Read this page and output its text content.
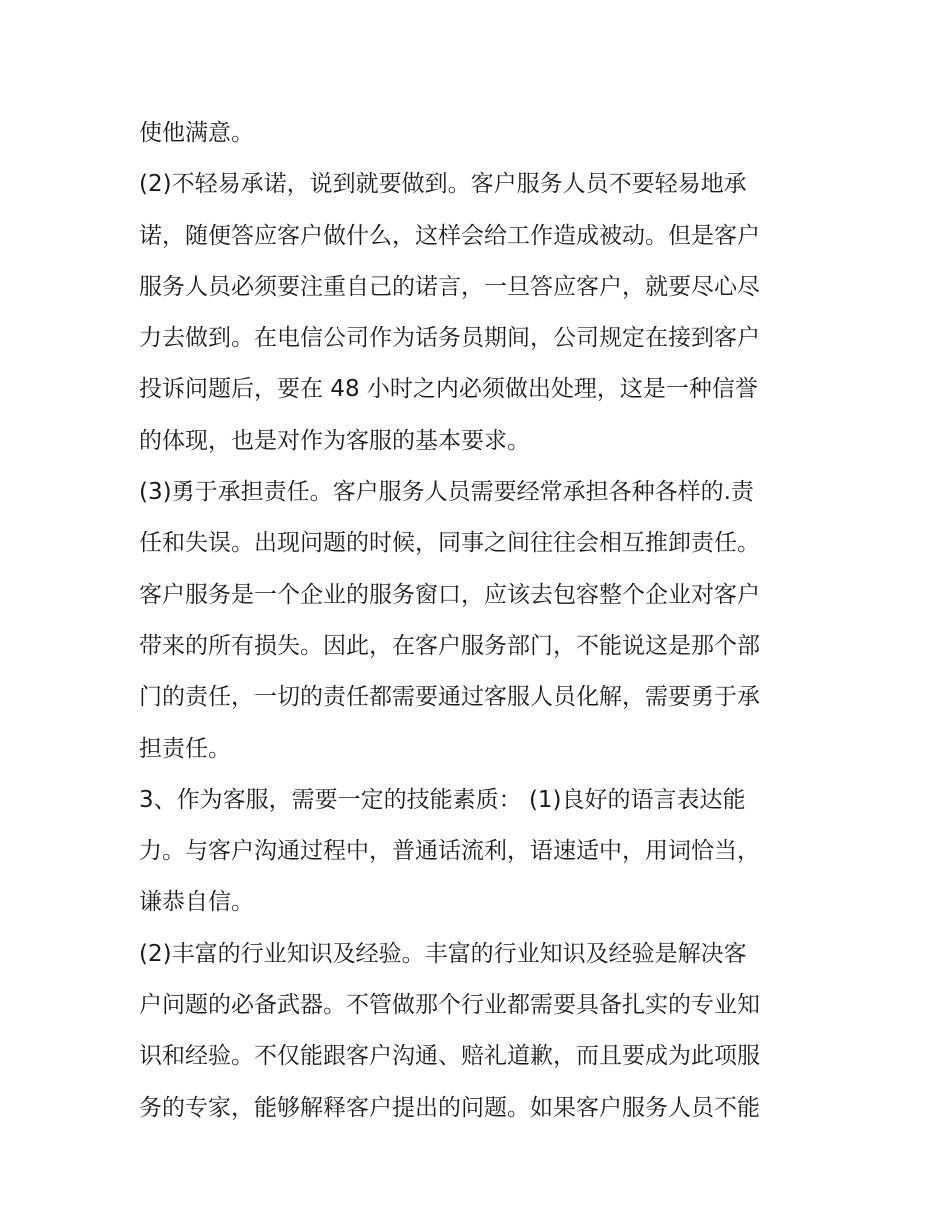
使他满意。
(2)不轻易承诺，说到就要做到。客户服务人员不要轻易地承
诺，随便答应客户做什么，这样会给工作造成被动。但是客户
服务人员必须要注重自己的诺言，一旦答应客户，就要尽心尽
力去做到。在电信公司作为话务员期间，公司规定在接到客户
投诉问题后，要在 48 小时之内必须做出处理，这是一种信誉
的体现，也是对作为客服的基本要求。
(3)勇于承担责任。客户服务人员需要经常承担各种各样的.责
任和失误。出现问题的时候，同事之间往往会相互推卸责任。
客户服务是一个企业的服务窗口，应该去包容整个企业对客户
带来的所有损失。因此，在客户服务部门，不能说这是那个部
门的责任，一切的责任都需要通过客服人员化解，需要勇于承
担责任。
3、作为客服，需要一定的技能素质： (1)良好的语言表达能
力。与客户沟通过程中，普通话流利，语速适中，用词恰当，
谦恭自信。
(2)丰富的行业知识及经验。丰富的行业知识及经验是解决客
户问题的必备武器。不管做那个行业都需要具备扎实的专业知
识和经验。不仅能跟客户沟通、赔礼道歉，而且要成为此项服
务的专家，能够解释客户提出的问题。如果客户服务人员不能
